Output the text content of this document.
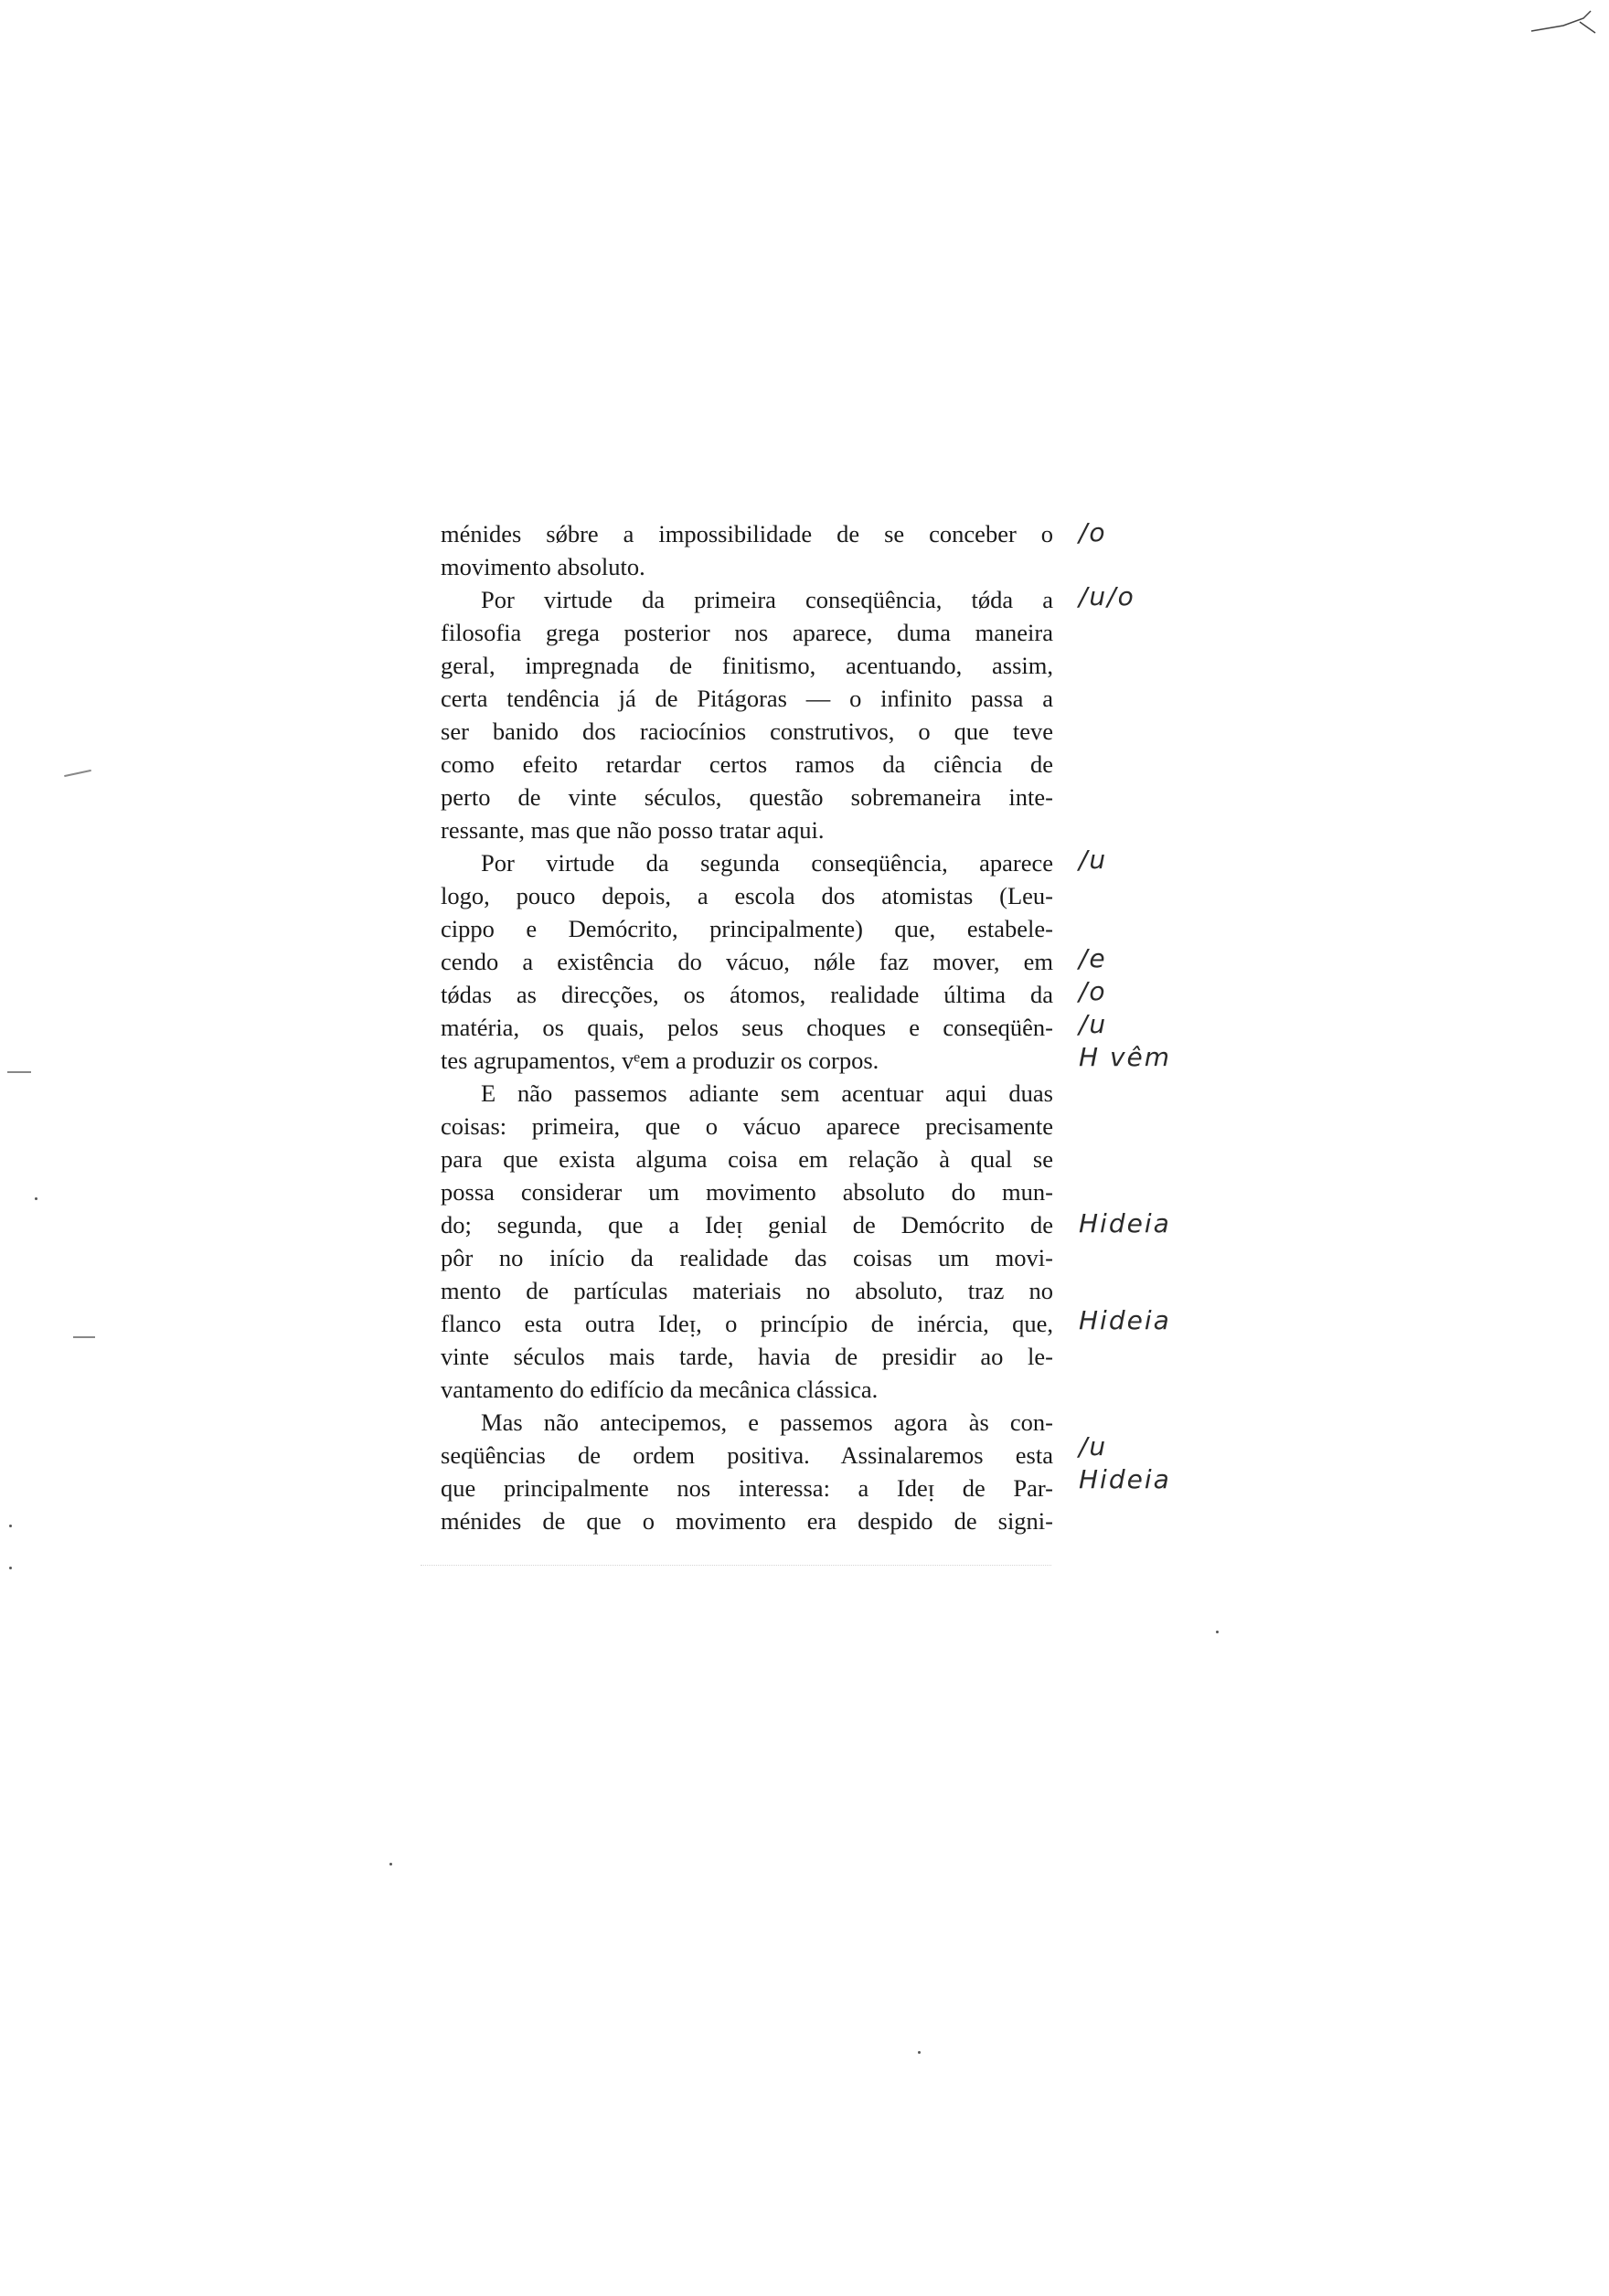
ménides sǿbre a impossibilidade de se conceber o
movimento absoluto.
Por virtude da primeira conseqüência, tǿda a
filosofia grega posterior nos aparece, duma maneira
geral, impregnada de finitismo, acentuando, assim,
certa tendência já de Pitágoras — o infinito passa a
ser banido dos raciocínios construtivos, o que teve
como efeito retardar certos ramos da ciência de
perto de vinte séculos, questão sobremaneira inte-
ressante, mas que não posso tratar aqui.
Por virtude da segunda conseqüência, aparece
logo, pouco depois, a escola dos atomistas (Leu-
cippo e Demócrito, principalmente) que, estabele-
cendo a existência do vácuo, nǿle faz mover, em
tǿdas as direcções, os átomos, realidade última da
matéria, os quais, pelos seus choques e conseqüên-
tes agrupamentos, vᵉem a produzir os corpos.
E não passemos adiante sem acentuar aqui duas
coisas: primeira, que o vácuo aparece precisamente
para que exista alguma coisa em relação à qual se
possa considerar um movimento absoluto do mun-
do; segunda, que a Ideᴉ genial de Demócrito de
pôr no início da realidade das coisas um movi-
mento de partículas materiais no absoluto, traz no
flanco esta outra Ideᴉ, o princípio de inércia, que,
vinte séculos mais tarde, havia de presidir ao le-
vantamento do edifício da mecânica clássica.
Mas não antecipemos, e passemos agora às con-
seqüências de ordem positiva. Assinalaremos esta
que principalmente nos interessa: a Ideᴉ de Par-
ménides de que o movimento era despido de signi-
/o
/u/o
/u
/e
/o
/u
H vêm
Hideia
Hideia
/u
Hideia
